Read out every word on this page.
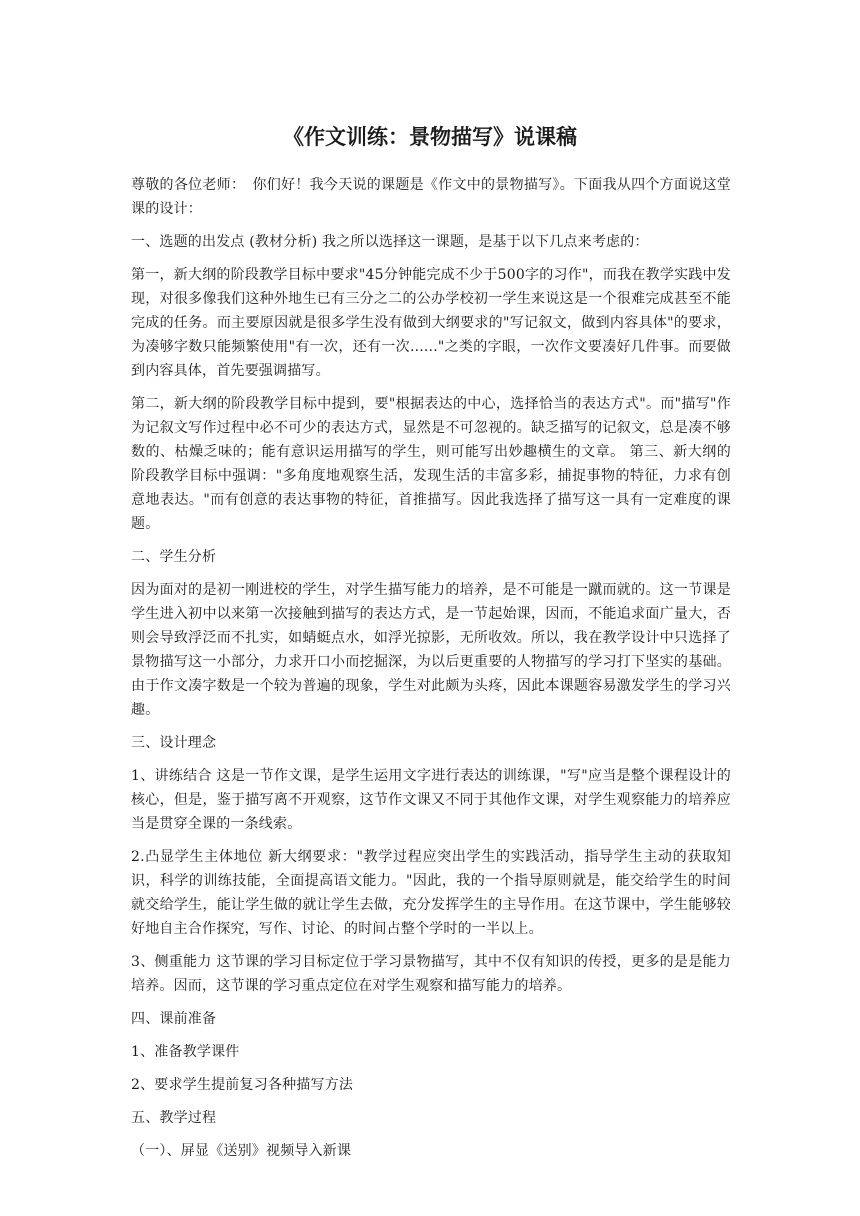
《作文训练：景物描写》说课稿

尊敬的各位老师：　你们好！我今天说的课题是《作文中的景物描写》。下面我从四个方面说这堂课的设计：

一、选题的出发点 (教材分析) 我之所以选择这一课题，是基于以下几点来考虑的：

第一，新大纲的阶段教学目标中要求"45分钟能完成不少于500字的习作"，而我在教学实践中发现，对很多像我们这种外地生已有三分之二的公办学校初一学生来说这是一个很难完成甚至不能完成的任务。而主要原因就是很多学生没有做到大纲要求的"写记叙文，做到内容具体"的要求，为凑够字数只能频繁使用"有一次，还有一次......"之类的字眼，一次作文要凑好几件事。而要做到内容具体，首先要强调描写。

第二，新大纲的阶段教学目标中提到，要"根据表达的中心，选择恰当的表达方式"。而"描写"作为记叙文写作过程中必不可少的表达方式，显然是不可忽视的。缺乏描写的记叙文，总是凑不够数的、枯燥乏味的；能有意识运用描写的学生，则可能写出妙趣横生的文章。 第三、新大纲的阶段教学目标中强调："多角度地观察生活，发现生活的丰富多彩，捕捉事物的特征，力求有创意地表达。"而有创意的表达事物的特征，首推描写。因此我选择了描写这一具有一定难度的课题。

二、学生分析

因为面对的是初一刚进校的学生，对学生描写能力的培养，是不可能是一蹴而就的。这一节课是学生进入初中以来第一次接触到描写的表达方式，是一节起始课，因而，不能追求面广量大，否则会导致浮泛而不扎实，如蜻蜓点水，如浮光掠影，无所收效。所以，我在教学设计中只选择了景物描写这一小部分，力求开口小而挖掘深，为以后更重要的人物描写的学习打下坚实的基础。由于作文凑字数是一个较为普遍的现象，学生对此颇为头疼，因此本课题容易激发学生的学习兴趣。

三、设计理念

1、讲练结合 这是一节作文课，是学生运用文字进行表达的训练课，"写"应当是整个课程设计的核心，但是，鉴于描写离不开观察，这节作文课又不同于其他作文课，对学生观察能力的培养应当是贯穿全课的一条线索。

2.凸显学生主体地位 新大纲要求："教学过程应突出学生的实践活动，指导学生主动的获取知识，科学的训练技能，全面提高语文能力。"因此，我的一个指导原则就是，能交给学生的时间就交给学生，能让学生做的就让学生去做，充分发挥学生的主导作用。在这节课中，学生能够较好地自主合作探究，写作、讨论、的时间占整个学时的一半以上。

3、侧重能力 这节课的学习目标定位于学习景物描写，其中不仅有知识的传授，更多的是是能力培养。因而，这节课的学习重点定位在对学生观察和描写能力的培养。

四、课前准备

1、准备教学课件

2、要求学生提前复习各种描写方法

五、教学过程

（一）、屏显《送别》视频导入新课
